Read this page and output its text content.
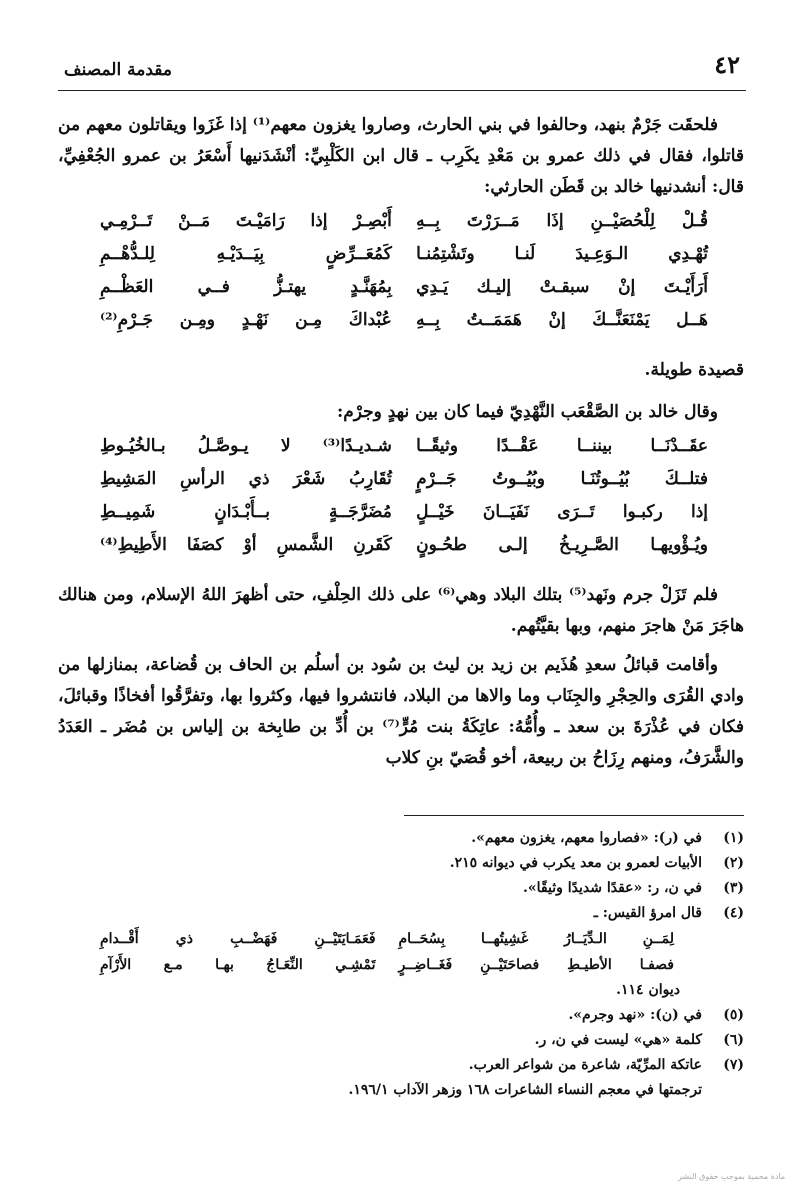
٤٢
مقدمة المصنف

فلحقَت جَرْمٌ بنهد، وحالفوا في بني الحارث، وصاروا يغزون معهم⁽¹⁾ إذا غَزَوا ويقاتلون معهم من قاتلوا، فقال في ذلك عمرو بن مَعْدِ يكَرِب ـ قال ابن الكَلْبِيِّ: أنْشَدَنيها أَسْعَرُ بن عمرو الجُعْفِيِّ، قال: أنشدنيها خالد بن قَطَن الحارثي:

قُـلْ لِلْحُصَيْــنِ إذَا مَــرَرْتَ بِــهِ
أَبْصِـرْ إذا رَامَيْـتَ مَــنْ تَــرْمِـي
تُهْـدِي الـوَعِـيدَ لَنـا وتَشْتِمُنـا
كَمُعَــرِّضٍ بِيَــدَيْـهِ لِلـدُّهْــمِ
أَرَأَيْـتَ إنْ سبقـتْ إليـك يَـدِي
بِمُهَنَّـدٍ يهتـزُّ فــي العَظْــمِ
هَــل يَمْنَعَنَّــكَ إنْ هَمَمَــتُ بِــهِ
عُبْداكَ مِـن نَهْـدٍ ومِـن جَـرْمِ⁽²⁾

قصيدة طويلة.

وقال خالد بن الصَّقْعَب النَّهْدِيّ فيما كان بين نهدٍ وجرْم:

عقَــدْنَــا بيننــا عَقْــدًا وثيقًــا
شـديـدًا⁽³⁾ لا يـوصَّـلُ بـالخُيُـوطِ
فتلــكَ بُيُــوتُنَـا وبُيُــوتُ جَــرْمٍ
تُقَارِبُ شَعْرَ ذي الرأسِ المَشِيطِ
إذا ركبـوا تَــرَى نَفَيَــانَ خَيْــلٍ
مُضَرَّجَــةٍ بــأَبْـدَانٍ شَمِيــطِ
ويُـؤْويهـا الصَّـرِيـخُ إلـى طحُـونٍ
كَقَرنِ الشَّمسِ أوْ كصَفَا الأَطِيطِ⁽⁴⁾

فلم تَزَلْ جرم ونَهد⁽⁵⁾ بتلك البلاد وهي⁽⁶⁾ على ذلك الحِلْفِ، حتى أظهرَ اللهُ الإسلام، ومن هنالك هاجَرَ مَنْ هاجرَ منهم، وبها بقيَّتُهم.

وأقامت قبائلُ سعدِ هُذَيم بن زيد بن ليث بن سُود بن أسلُم بن الحاف بن قُضاعة، بمنازلها من وادي القُرَى والحِجْرِ والجِنَاب وما والاها من البلاد، فانتشروا فيها، وكثروا بها، وتفرَّقُوا أفخاذًا وقبائلَ، فكان في عُذْرَةَ بن سعد ـ وأُمُّهُ: عاتِكَةُ بنت مُرٍّ⁽⁷⁾ بن أُدِّ بن طابِخة بن إلياس بن مُضَر ـ العَدَدُ والشَّرَفُ، ومنهم رِزَاحُ بن ربيعة، أخو قُصَيّ بنِ كلاب

(١)
في (ر): «فصاروا معهم، يغزون معهم».
(٢)
الأبيات لعمرو بن معد يكرب في ديوانه ٢١٥.
(٣)
في ن، ر: «عقدًا شديدًا وثيقًا».
(٤)
قال امرؤ القيس: ـ
لِمَــنِ الـدِّيَــارُ غَشِيتُهــا بِسُحَــامِ
فَعَمَـايَتَيْــنِ فَهَضْــبِ ذي أَقْــدامِ
فصفـا الأطيـطِ فصاحَتَيْــنِ فَغَــاضِــرٍ
تَمْشِـي النِّعَـاجُ بهـا مـع الأَرْآمِ
ديوان ١١٤.
(٥)
في (ن): «نهد وجرم».
(٦)
كلمة «هي» ليست في ن، ر.
(٧)
عاتكة المرِّيّة، شاعرة من شواعر العرب.
ترجمتها في معجم النساء الشاعرات ١٦٨ وزهر الآداب ١٩٦/١.
مادة محمية بموجب حقوق النشر
